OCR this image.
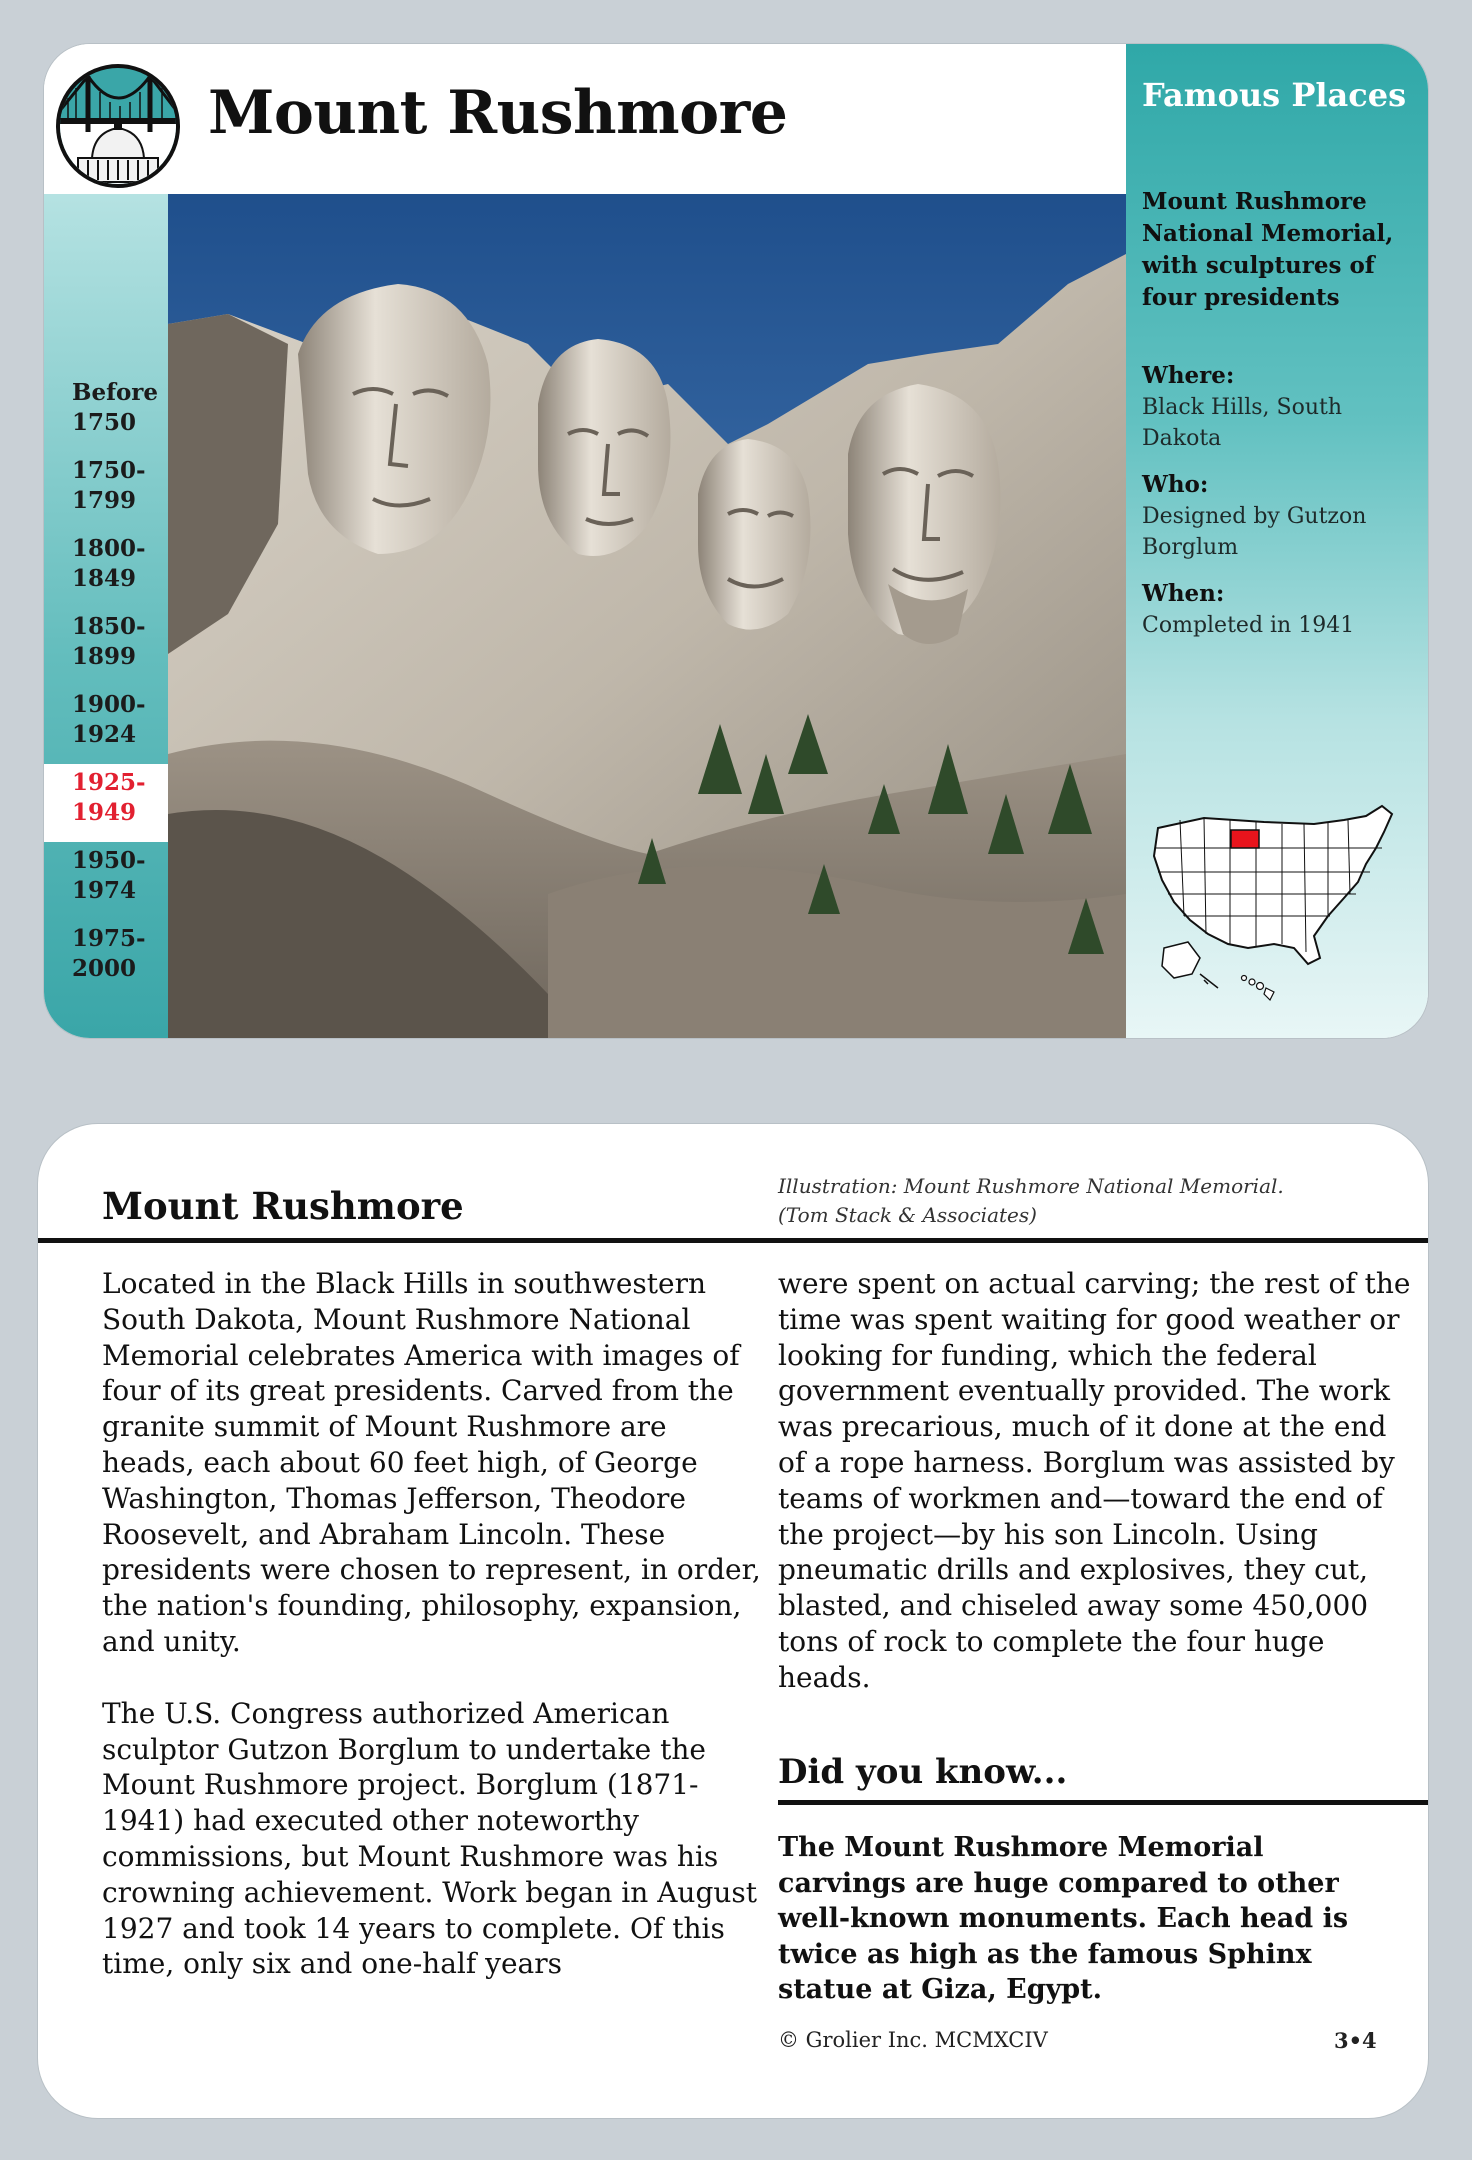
Mount Rushmore
Before
1750
1750-
1799
1800-
1849
1850-
1899
1900-
1924
1925-
1949
1950-
1974
1975-
2000
Famous Places
Mount Rushmore National Memorial, with sculptures of four presidents
Where:
Black Hills, South Dakota
Who:
Designed by Gutzon Borglum
When:
Completed in 1941
Mount Rushmore	Illustration: Mount Rushmore National Memorial.
(Tom Stack & Associates)

Located in the Black Hills in southwestern South Dakota, Mount Rushmore National Memorial celebrates America with images of four of its great presidents. Carved from the granite summit of Mount Rushmore are heads, each about 60 feet high, of George Washington, Thomas Jefferson, Theodore Roosevelt, and Abraham Lincoln. These presidents were chosen to represent, in order, the nation's founding, philosophy, expansion, and unity.

The U.S. Congress authorized American sculptor Gutzon Borglum to undertake the Mount Rushmore project. Borglum (1871-1941) had executed other noteworthy commissions, but Mount Rushmore was his crowning achievement. Work began in August 1927 and took 14 years to complete. Of this time, only six and one-half years

were spent on actual carving; the rest of the time was spent waiting for good weather or looking for funding, which the federal government eventually provided. The work was precarious, much of it done at the end of a rope harness. Borglum was assisted by teams of workmen and—toward the end of the project—by his son Lincoln. Using pneumatic drills and explosives, they cut, blasted, and chiseled away some 450,000 tons of rock to complete the four huge heads.

Did you know...
The Mount Rushmore Memorial carvings are huge compared to other well-known monuments. Each head is twice as high as the famous Sphinx statue at Giza, Egypt.
© Grolier Inc. MCMXCIV	3•4
